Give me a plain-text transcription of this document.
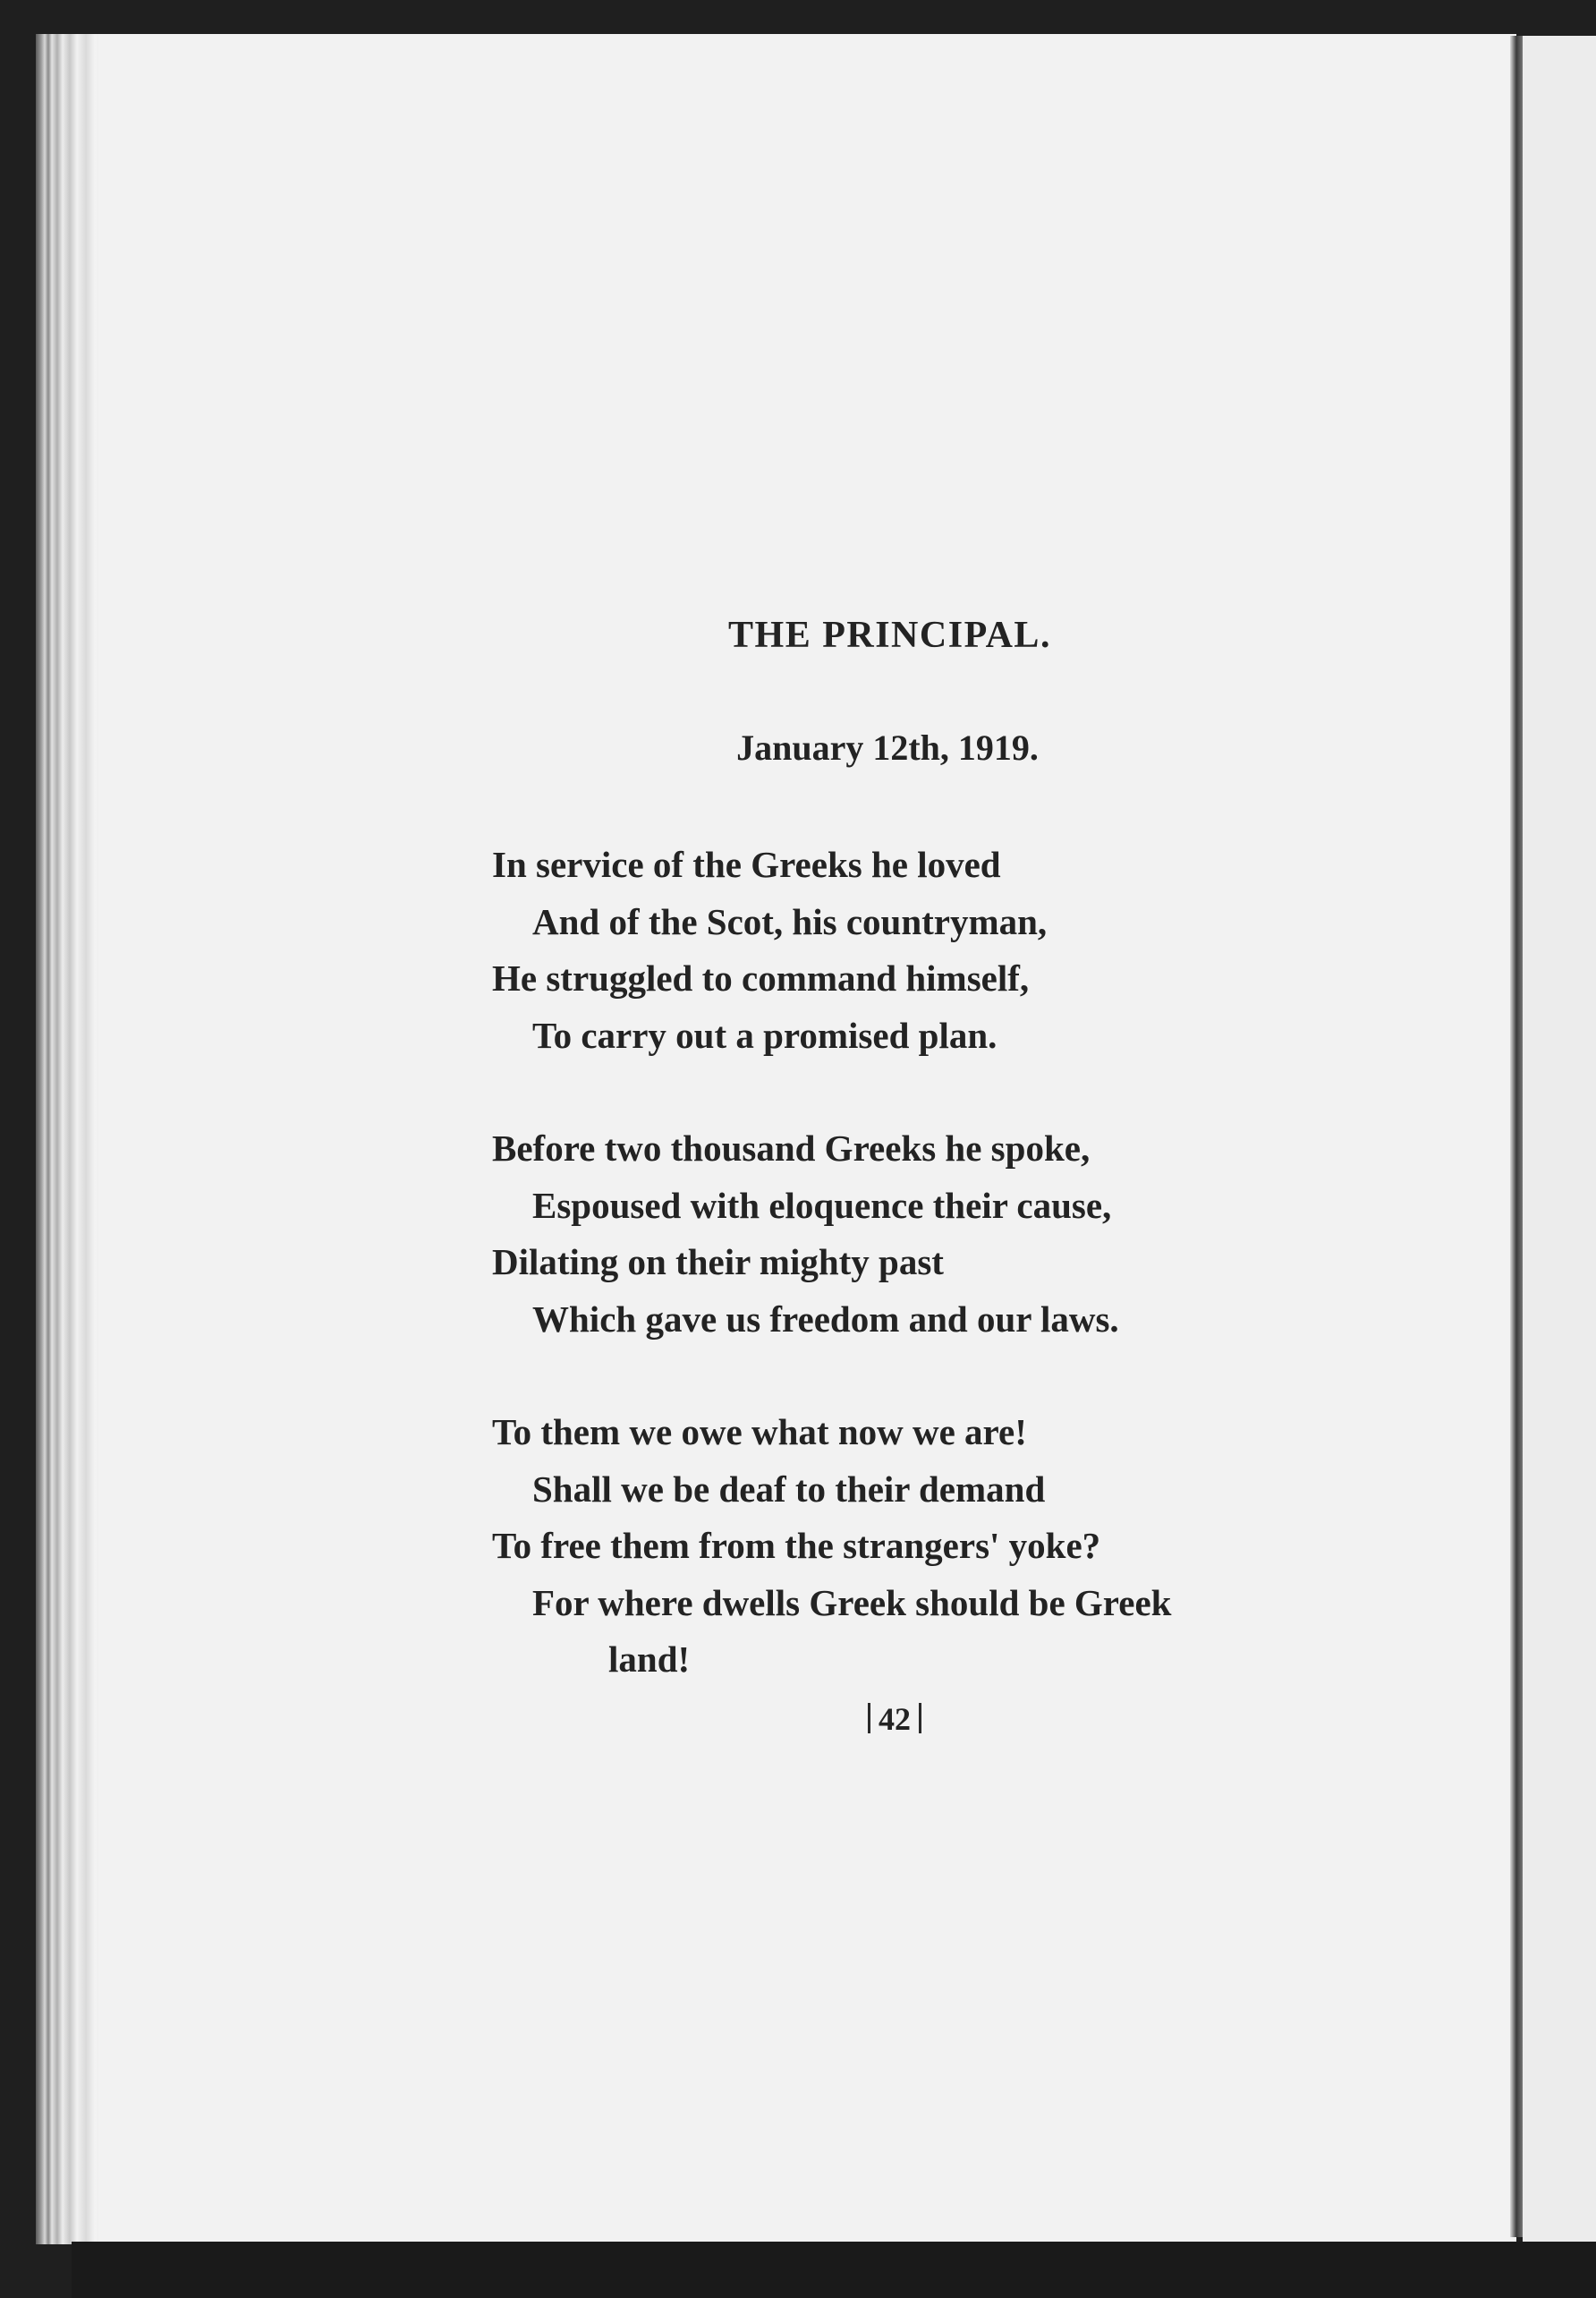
THE PRINCIPAL.
January 12th, 1919.
In service of the Greeks he loved
And of the Scot, his countryman,
He struggled to command himself,
To carry out a promised plan.
Before two thousand Greeks he spoke,
Espoused with eloquence their cause,
Dilating on their mighty past
Which gave us freedom and our laws.
To them we owe what now we are!
Shall we be deaf to their demand
To free them from the strangers' yoke?
For where dwells Greek should be Greek
land!
42
